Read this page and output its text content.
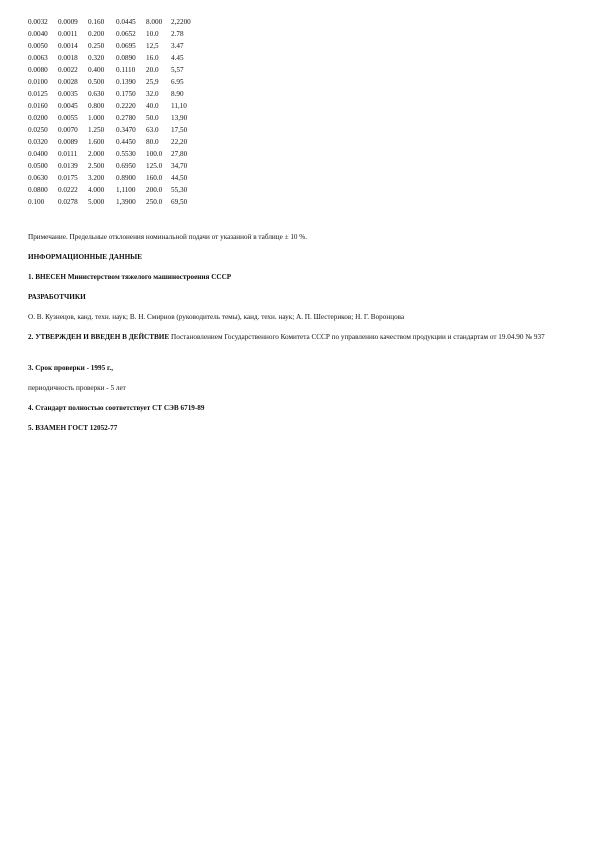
0.0032	0.0009	0.160	0.0445	8.000	2,2200
0.0040	0.0011	0.200	0.0652	10.0	2.78
0.0050	0.0014	0.250	0.0695	12,5	3.47
0.0063	0.0018	0.320	0.0890	16.0	4.45
0.0080	0.0022	0.400	0.1110	20.0	5,57
0.0100	0.0028	0.500	0.1390	25,9	6.95
0.0125	0.0035	0.630	0.1750	32.0	8.90
0.0160	0.0045	0.800	0.2220	40.0	11,10
0.0200	0.0055	1.000	0.2780	50.0	13,90
0.0250	0.0070	1.250	0.3470	63.0	17,50
0.0320	0.0089	1.600	0.4450	80.0	22,20
0.0400	0.0111	2.000	0.5530	100.0	27,80
0.0500	0.0139	2.500	0.6950	125.0	34,70
0.0630	0.0175	3.200	0.8900	160.0	44,50
0.0800	0.0222	4.000	1,1100	200.0	55,30
0.100	0.0278	5.000	1,3900	250.0	69,50

Примечание. Предельные отклонения номинальной подачи от указанной в таблице ± 10 %.

ИНФОРМАЦИОННЫЕ ДАННЫЕ

1. ВНЕСЕН Министерством тяжелого машиностроения СССР

РАЗРАБОТЧИКИ

О. В. Кузнецов, канд. техн. наук; В. Н. Смирнов (руководитель темы), канд. техн. наук; А. П. Шестериков; Н. Г. Воронцова

2. УТВЕРЖДЕН И ВВЕДЕН В ДЕЙСТВИЕ Постановлением Государственного Комитета СССР по управлению качеством продукции и стандартам от 19.04.90 № 937

3. Срок проверки - 1995 г.,

периодичность проверки - 5 лет

4. Стандарт полностью соответствует СТ СЭВ 6719-89

5. ВЗАМЕН ГОСТ 12052-77
